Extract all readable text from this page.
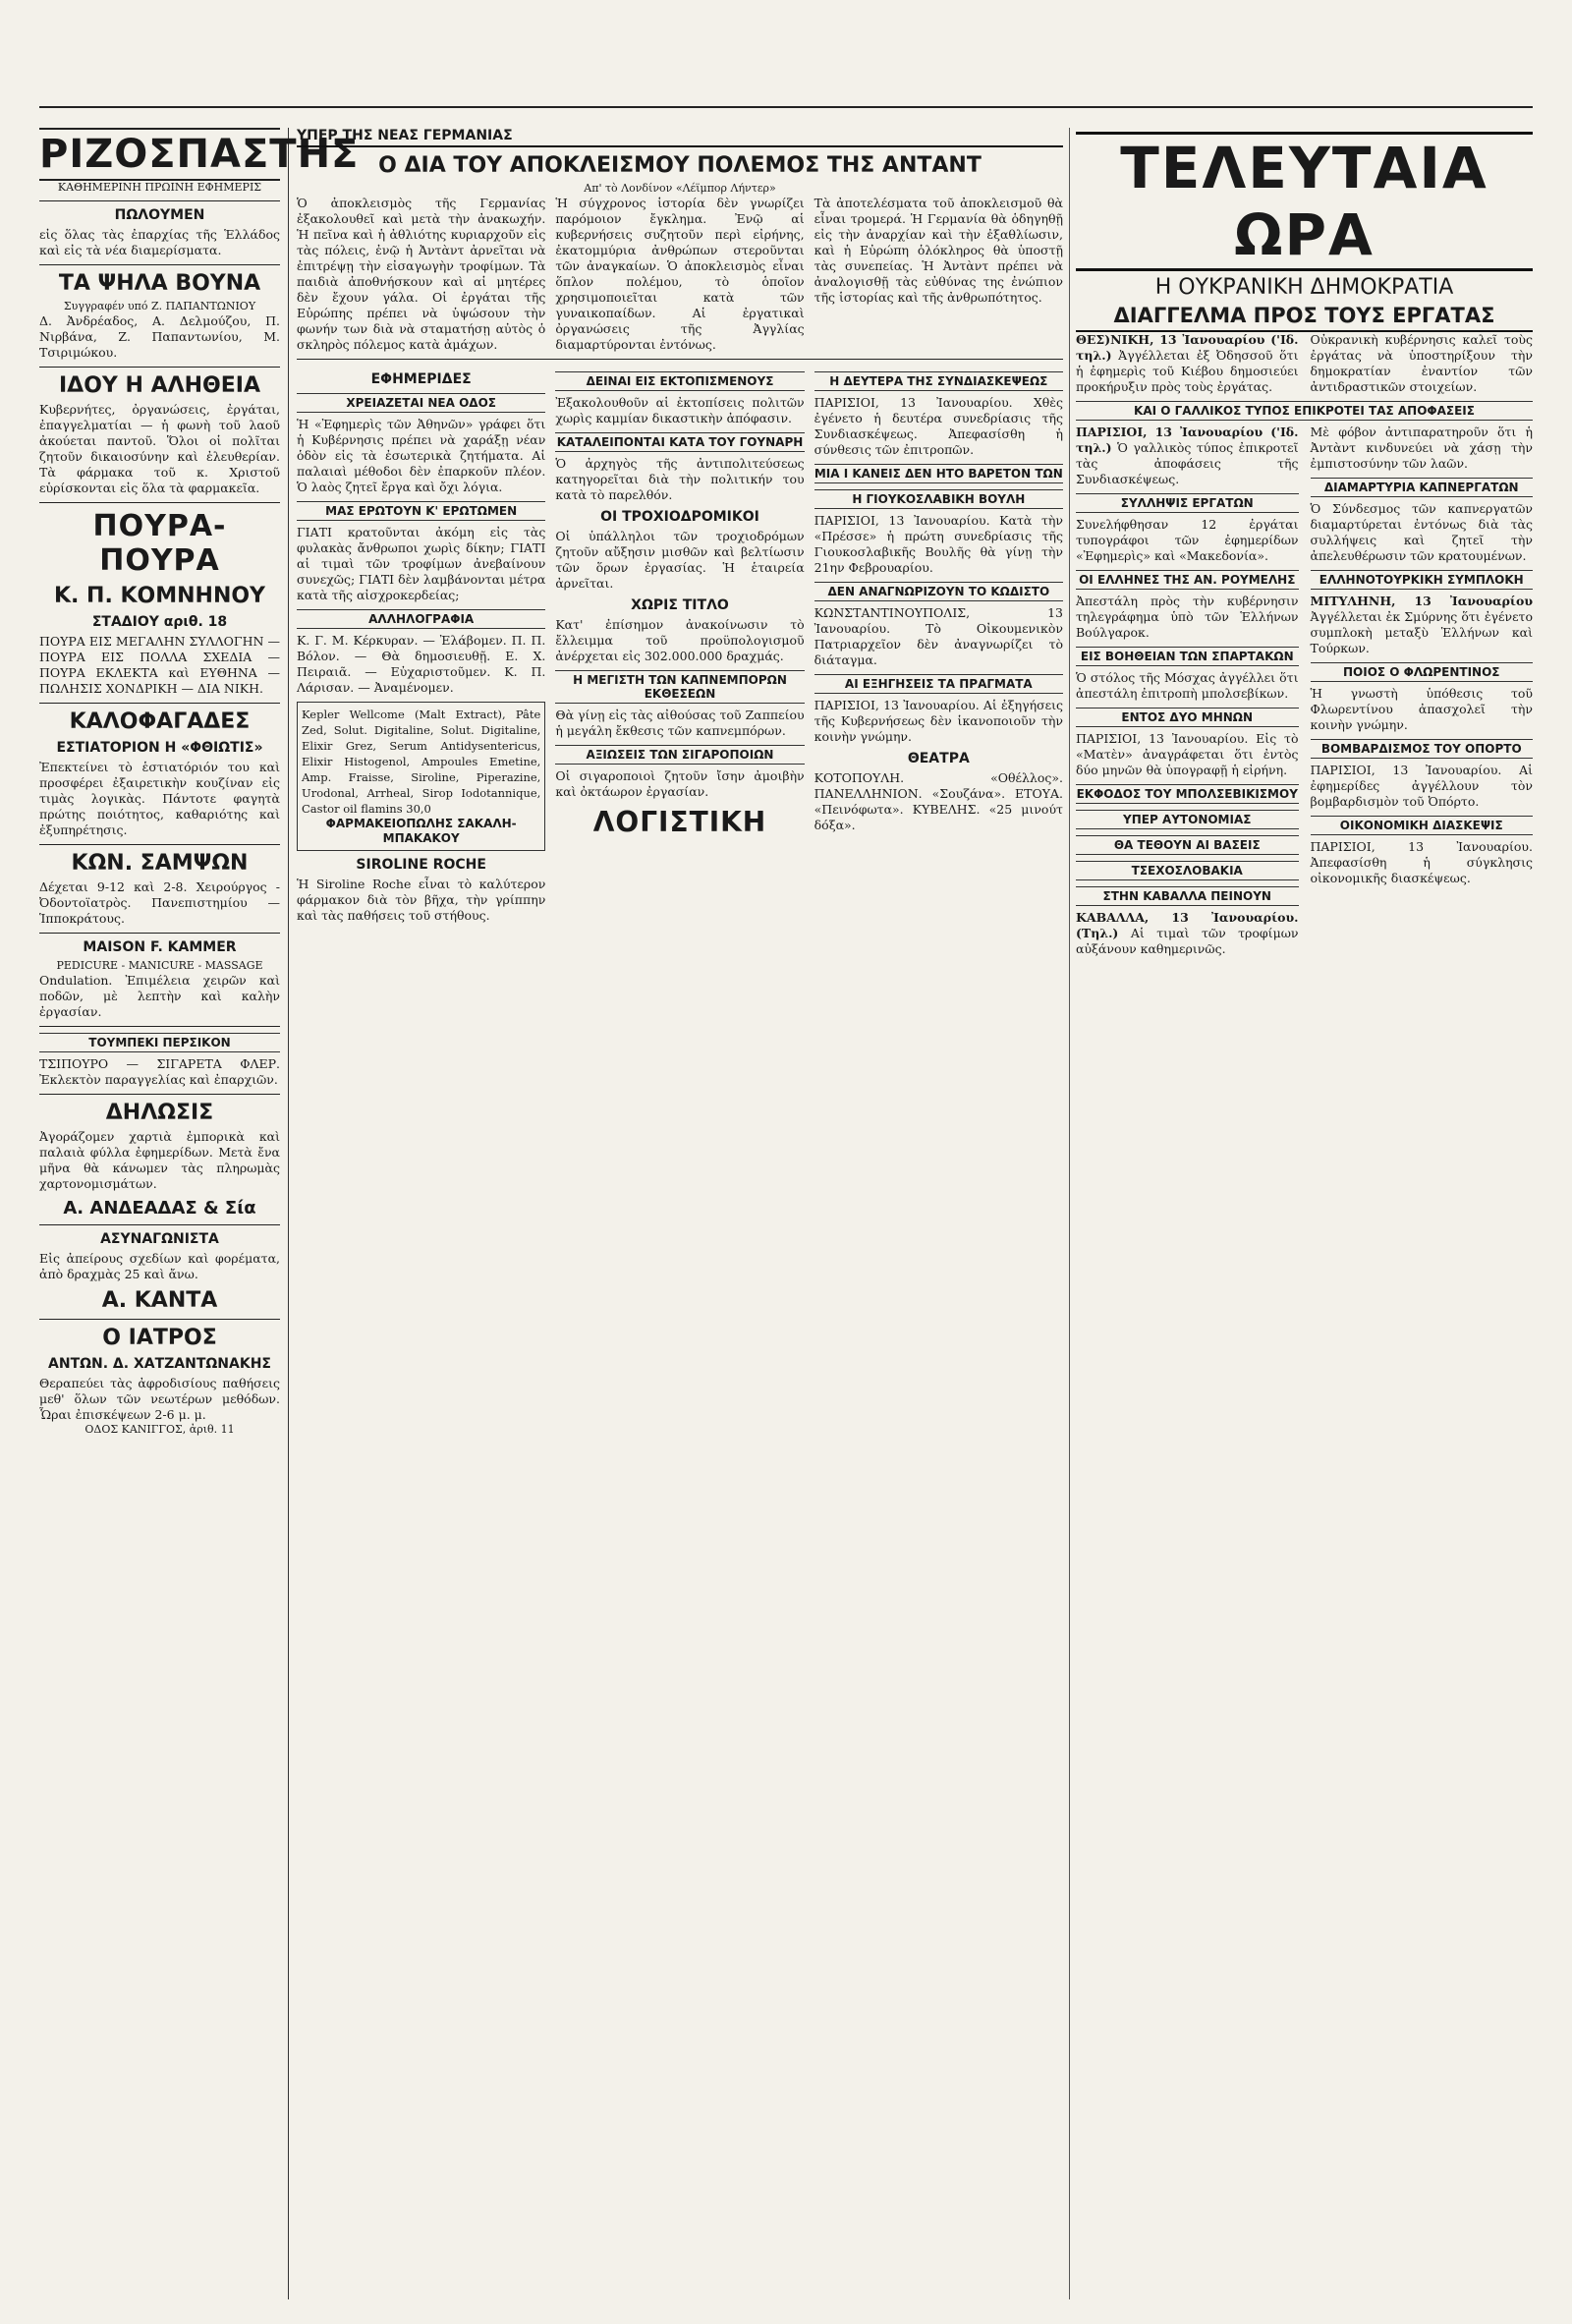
ΡΙΖΟΣΠΑΣΤΗΣ
ΚΑΘΗΜΕΡΙΝΗ ΠΡΩΙΝΗ ΕΦΗΜΕΡΙΣ
ΠΩΛΟΥΜΕΝ

εἰς ὅλας τὰς ἐπαρχίας τῆς Ἑλλάδος καὶ εἰς τὰ νέα διαμερίσματα.

ΤΑ ΨΗΛΑ ΒΟΥΝΑ
Συγγραφέν υπό Ζ. ΠΑΠΑΝΤΩΝΙΟΥ

Δ. Ἀνδρέαδος, Α. Δελμούζου, Π. Νιρβάνα, Ζ. Παπαντωνίου, Μ. Τσιριμώκου.

ΙΔΟΥ Η ΑΛΗΘΕΙΑ

Κυβερνήτες, ὀργανώσεις, ἐργάται, ἐπαγγελματίαι — ἡ φωνὴ τοῦ λαοῦ ἀκούεται παντοῦ. Ὅλοι οἱ πολῖται ζητοῦν δικαιοσύνην καὶ ἐλευθερίαν. Τὰ φάρμακα τοῦ κ. Χριστοῦ εὑρίσκονται εἰς ὅλα τὰ φαρμακεῖα.

ΠΟΥΡΑ-ΠΟΥΡΑ
Κ. Π. ΚΟΜΝΗΝΟΥ
ΣΤΑΔΙΟΥ αριθ. 18

ΠΟΥΡΑ ΕΙΣ ΜΕΓΑΛΗΝ ΣΥΛΛΟΓΗΝ — ΠΟΥΡΑ ΕΙΣ ΠΟΛΛΑ ΣΧΕΔΙΑ — ΠΟΥΡΑ ΕΚΛΕΚΤΑ καὶ ΕΥΘΗΝΑ — ΠΩΛΗΣΙΣ ΧΟΝΔΡΙΚΗ — ΔΙΑ ΝΙΚΗ.

ΚΑΛΟΦΑΓΑΔΕΣ
ΕΣΤΙΑΤΟΡΙΟΝ Η «ΦΘΙΩΤΙΣ»

Ἐπεκτείνει τὸ ἑστιατόριόν του καὶ προσφέρει ἐξαιρετικὴν κουζίναν εἰς τιμὰς λογικὰς. Πάντοτε φαγητὰ πρώτης ποιότητος, καθαριότης καὶ ἐξυπηρέτησις.

ΚΩΝ. ΣΑΜΨΩΝ

Δέχεται 9-12 καὶ 2-8. Χειρούργος - Ὀδοντοϊατρὸς. Πανεπιστημίου — Ἱπποκράτους.

MAISON F. KAMMER
PEDICURE - MANICURE - MASSAGE

Ondulation. Ἐπιμέλεια χειρῶν καὶ ποδῶν, μὲ λεπτὴν καὶ καλὴν ἐργασίαν.

ΤΟΥΜΠΕΚΙ ΠΕΡΣΙΚΟΝ

ΤΣΙΠΟΥΡΟ — ΣΙΓΑΡΕΤΑ ΦΛΕΡ. Ἐκλεκτὸν παραγγελίας καὶ ἐπαρχιῶν.

ΔΗΛΩΣΙΣ

Ἀγοράζομεν χαρτιὰ ἐμπορικὰ καὶ παλαιὰ φύλλα ἐφημερίδων. Μετὰ ἔνα μῆνα θὰ κάνωμεν τὰς πληρωμὰς χαρτονομισμάτων.

Α. ΑΝΔΕΑΔΑΣ & Σία
ΑΣΥΝΑΓΩΝΙΣΤΑ

Εἰς ἀπείρους σχεδίων καὶ φορέματα, ἀπὸ δραχμὰς 25 καὶ ἄνω.

Α. ΚΑΝΤΑ
Ο ΙΑΤΡΟΣ
ΑΝΤΩΝ. Δ. ΧΑΤΖΑΝΤΩΝΑΚΗΣ

Θεραπεύει τὰς ἀφροδισίους παθήσεις μεθ' ὅλων τῶν νεωτέρων μεθόδων. Ὧραι ἐπισκέψεων 2-6 μ. μ.

ΟΔΟΣ ΚΑΝΙΓΓΟΣ, ἀριθ. 11
ΥΠΕΡ ΤΗΣ ΝΕΑΣ ΓΕΡΜΑΝΙΑΣ
Ο ΔΙΑ ΤΟΥ ΑΠΟΚΛΕΙΣΜΟΥ ΠΟΛΕΜΟΣ ΤΗΣ ΑΝΤΑΝΤ
Απ' τὸ Λονδίνον «Λέϊμπορ Λήντερ»

Ὁ ἀποκλεισμὸς τῆς Γερμανίας ἐξακολουθεῖ καὶ μετὰ τὴν ἀνακωχήν. Ἡ πεῖνα καὶ ἡ ἀθλιότης κυριαρχοῦν εἰς τὰς πόλεις, ἐνῷ ἡ Ἀντὰντ ἀρνεῖται νὰ ἐπιτρέψῃ τὴν εἰσαγωγὴν τροφίμων. Τὰ παιδιὰ ἀποθνήσκουν καὶ αἱ μητέρες δὲν ἔχουν γάλα. Οἱ ἐργάται τῆς Εὐρώπης πρέπει νὰ ὑψώσουν τὴν φωνήν των διὰ νὰ σταματήσῃ αὐτὸς ὁ σκληρὸς πόλεμος κατὰ ἀμάχων.

Ἡ σύγχρονος ἱστορία δὲν γνωρίζει παρόμοιον ἔγκλημα. Ἐνῷ αἱ κυβερνήσεις συζητοῦν περὶ εἰρήνης, ἐκατομμύρια ἀνθρώπων στεροῦνται τῶν ἀναγκαίων. Ὁ ἀποκλεισμὸς εἶναι ὅπλον πολέμου, τὸ ὁποῖον χρησιμοποιεῖται κατὰ τῶν γυναικοπαίδων. Αἱ ἐργατικαὶ ὀργανώσεις τῆς Ἀγγλίας διαμαρτύρονται ἐντόνως.

Τὰ ἀποτελέσματα τοῦ ἀποκλεισμοῦ θὰ εἶναι τρομερά. Ἡ Γερμανία θὰ ὁδηγηθῇ εἰς τὴν ἀναρχίαν καὶ τὴν ἐξαθλίωσιν, καὶ ἡ Εὐρώπη ὁλόκληρος θὰ ὑποστῇ τὰς συνεπείας. Ἡ Ἀντὰντ πρέπει νὰ ἀναλογισθῇ τὰς εὐθύνας της ἐνώπιον τῆς ἱστορίας καὶ τῆς ἀνθρωπότητος.

ΕΦΗΜΕΡΙΔΕΣ
ΧΡΕΙΑΖΕΤΑΙ ΝΕΑ ΟΔΟΣ

Ἡ «Ἐφημερὶς τῶν Ἀθηνῶν» γράφει ὅτι ἡ Κυβέρνησις πρέπει νὰ χαράξῃ νέαν ὁδὸν εἰς τὰ ἐσωτερικὰ ζητήματα. Αἱ παλαιαὶ μέθοδοι δὲν ἐπαρκοῦν πλέον. Ὁ λαὸς ζητεῖ ἔργα καὶ ὄχι λόγια.

ΜΑΣ ΕΡΩΤΟΥΝ Κ' ΕΡΩΤΩΜΕΝ

ΓΙΑΤΙ κρατοῦνται ἀκόμη εἰς τὰς φυλακὰς ἄνθρωποι χωρὶς δίκην; ΓΙΑΤΙ αἱ τιμαὶ τῶν τροφίμων ἀνεβαίνουν συνεχῶς; ΓΙΑΤΙ δὲν λαμβάνονται μέτρα κατὰ τῆς αἰσχροκερδείας;

ΑΛΛΗΛΟΓΡΑΦΙΑ

Κ. Γ. Μ. Κέρκυραν. — Ἐλάβομεν. Π. Π. Βόλον. — Θὰ δημοσιευθῇ. Ε. Χ. Πειραιᾶ. — Εὐχαριστοῦμεν. Κ. Π. Λάρισαν. — Ἀναμένομεν.

Kepler Wellcome (Malt Extract), Pâte Zed, Solut. Digitaline, Solut. Digitaline, Elixir Grez, Serum Antidysentericus, Elixir Histogenol, Ampoules Emetine, Amp. Fraisse, Siroline, Piperazine, Urodonal, Arrheal, Sirop Iodotannique, Castor oil flamins 30,0

ΦΑΡΜΑΚΕΙΟΠΩΛΗΣ ΣΑΚΑΛΗ-ΜΠΑΚΑΚΟΥ
SIROLINE ROCHE

Ἡ Siroline Roche εἶναι τὸ καλύτερον φάρμακον διὰ τὸν βῆχα, τὴν γρίππην καὶ τὰς παθήσεις τοῦ στήθους.

ΔΕΙΝΑΙ ΕΙΣ ΕΚΤΟΠΙΣΜΕΝΟΥΣ

Ἐξακολουθοῦν αἱ ἐκτοπίσεις πολιτῶν χωρὶς καμμίαν δικαστικὴν ἀπόφασιν.

ΚΑΤΑΛΕΙΠΟΝΤΑΙ ΚΑΤΑ ΤΟΥ ΓΟΥΝΑΡΗ

Ὁ ἀρχηγὸς τῆς ἀντιπολιτεύσεως κατηγορεῖται διὰ τὴν πολιτικήν του κατὰ τὸ παρελθόν.

ΟΙ ΤΡΟΧΙΟΔΡΟΜΙΚΟΙ

Οἱ ὑπάλληλοι τῶν τροχιοδρόμων ζητοῦν αὔξησιν μισθῶν καὶ βελτίωσιν τῶν ὅρων ἐργασίας. Ἡ ἑταιρεία ἀρνεῖται.

ΧΩΡΙΣ ΤΙΤΛΟ

Κατ' ἐπίσημον ἀνακοίνωσιν τὸ ἔλλειμμα τοῦ προϋπολογισμοῦ ἀνέρχεται εἰς 302.000.000 δραχμάς.

Η ΜΕΓΙΣΤΗ ΤΩΝ ΚΑΠΝΕΜΠΟΡΩΝ ΕΚΘΕΣΕΩΝ

Θὰ γίνῃ εἰς τὰς αἰθούσας τοῦ Ζαππείου ἡ μεγάλη ἔκθεσις τῶν καπνεμπόρων.

ΑΞΙΩΣΕΙΣ ΤΩΝ ΣΙΓΑΡΟΠΟΙΩΝ

Οἱ σιγαροποιοὶ ζητοῦν ἴσην ἀμοιβὴν καὶ ὀκτάωρον ἐργασίαν.

ΛΟΓΙΣΤΙΚΗ
Η ΔΕΥΤΕΡΑ ΤΗΣ ΣΥΝΔΙΑΣΚΕΨΕΩΣ

ΠΑΡΙΣΙΟΙ, 13 Ἰανουαρίου. Χθὲς ἐγένετο ἡ δευτέρα συνεδρίασις τῆς Συνδιασκέψεως. Ἀπεφασίσθη ἡ σύνθεσις τῶν ἐπιτροπῶν.

ΜΙΑ Ι ΚΑΝΕΙΣ ΔΕΝ ΗΤΟ ΒΑΡΕΤΟΝ ΤΩΝ
Η ΓΙΟΥΚΟΣΛΑΒΙΚΗ ΒΟΥΛΗ

ΠΑΡΙΣΙΟΙ, 13 Ἰανουαρίου. Κατὰ τὴν «Πρέσσε» ἡ πρώτη συνεδρίασις τῆς Γιουκοσλαβικῆς Βουλῆς θὰ γίνῃ τὴν 21ην Φεβρουαρίου.

ΔΕΝ ΑΝΑΓΝΩΡΙΖΟΥΝ ΤΟ ΚΩΔΙΣΤΟ

ΚΩΝΣΤΑΝΤΙΝΟΥΠΟΛΙΣ, 13 Ἰανουαρίου. Τὸ Οἰκουμενικὸν Πατριαρχεῖον δὲν ἀναγνωρίζει τὸ διάταγμα.

ΑΙ ΕΞΗΓΗΣΕΙΣ ΤΑ ΠΡΑΓΜΑΤΑ

ΠΑΡΙΣΙΟΙ, 13 Ἰανουαρίου. Αἱ ἐξηγήσεις τῆς Κυβερνήσεως δὲν ἱκανοποιοῦν τὴν κοινὴν γνώμην.

ΘΕΑΤΡΑ

ΚΟΤΟΠΟΥΛΗ. «Οθέλλος». ΠΑΝΕΛΛΗΝΙΟΝ. «Σουζάνα». ΕΤΟΥΑ. «Πεινόφωτα». ΚΥΒΕΛΗΣ. «25 μινούτ δόξα».

ΤΕΛΕΥΤΑΙΑ ΩΡΑ
Η ΟΥΚΡΑΝΙΚΗ ΔΗΜΟΚΡΑΤΙΑ
ΔΙΑΓΓΕΛΜΑ ΠΡΟΣ ΤΟΥΣ ΕΡΓΑΤΑΣ

ΘΕΣ)ΝΙΚΗ, 13 Ἰανουαρίου ('Ιδ. τηλ.) Ἀγγέλλεται ἐξ Ὀδησσοῦ ὅτι ἡ ἐφημερὶς τοῦ Κιέβου δημοσιεύει προκήρυξιν πρὸς τοὺς ἐργάτας.

Οὐκρανικὴ κυβέρνησις καλεῖ τοὺς ἐργάτας νὰ ὑποστηρίξουν τὴν δημοκρατίαν ἐναντίον τῶν ἀντιδραστικῶν στοιχείων.

ΚΑΙ Ο ΓΑΛΛΙΚΟΣ ΤΥΠΟΣ ΕΠΙΚΡΟΤΕΙ ΤΑΣ ΑΠΟΦΑΣΕΙΣ

ΠΑΡΙΣΙΟΙ, 13 Ἰανουαρίου ('Ιδ. τηλ.) Ὁ γαλλικὸς τύπος ἐπικροτεῖ τὰς ἀποφάσεις τῆς Συνδιασκέψεως.

ΣΥΛΛΗΨΙΣ ΕΡΓΑΤΩΝ

Συνελήφθησαν 12 ἐργάται τυπογράφοι τῶν ἐφημερίδων «Ἐφημερὶς» καὶ «Μακεδονία».

ΟΙ ΕΛΛΗΝΕΣ ΤΗΣ ΑΝ. ΡΟΥΜΕΛΗΣ

Ἀπεστάλη πρὸς τὴν κυβέρνησιν τηλεγράφημα ὑπὸ τῶν Ἑλλήνων Βούλγαροκ.

ΕΙΣ ΒΟΗΘΕΙΑΝ ΤΩΝ ΣΠΑΡΤΑΚΩΝ

Ὁ στόλος τῆς Μόσχας ἀγγέλλει ὅτι ἀπεστάλη ἐπιτροπὴ μπολσεβίκων.

ΕΝΤΟΣ ΔΥΟ ΜΗΝΩΝ

ΠΑΡΙΣΙΟΙ, 13 Ἰανουαρίου. Εἰς τὸ «Ματὲν» ἀναγράφεται ὅτι ἐντὸς δύο μηνῶν θὰ ὑπογραφῇ ἡ εἰρήνη.

ΕΚΦΟΔΟΣ ΤΟΥ ΜΠΟΛΣΕΒΙΚΙΣΜΟΥ
ΥΠΕΡ ΑΥΤΟΝΟΜΙΑΣ
ΘΑ ΤΕΘΟΥΝ ΑΙ ΒΑΣΕΙΣ
ΤΣΕΧΟΣΛΟΒΑΚΙΑ
ΣΤΗΝ ΚΑΒΑΛΛΑ ΠΕΙΝΟΥΝ

ΚΑΒΑΛΛΑ, 13 Ἰανουαρίου. (Τηλ.) Αἱ τιμαὶ τῶν τροφίμων αὐξάνουν καθημερινῶς.

Μὲ φόβον ἀντιπαρατηροῦν ὅτι ἡ Ἀντὰντ κινδυνεύει νὰ χάσῃ τὴν ἐμπιστοσύνην τῶν λαῶν.

ΔΙΑΜΑΡΤΥΡΙΑ ΚΑΠΝΕΡΓΑΤΩΝ

Ὁ Σύνδεσμος τῶν καπνεργατῶν διαμαρτύρεται ἐντόνως διὰ τὰς συλλήψεις καὶ ζητεῖ τὴν ἀπελευθέρωσιν τῶν κρατουμένων.

ΕΛΛΗΝΟΤΟΥΡΚΙΚΗ ΣΥΜΠΛΟΚΗ

ΜΙΤΥΛΗΝΗ, 13 Ἰανουαρίου Ἀγγέλλεται ἐκ Σμύρνης ὅτι ἐγένετο συμπλοκὴ μεταξὺ Ἑλλήνων καὶ Τούρκων.

ΠΟΙΟΣ Ο ΦΛΩΡΕΝΤΙΝΟΣ

Ἡ γνωστὴ ὑπόθεσις τοῦ Φλωρεντίνου ἀπασχολεῖ τὴν κοινὴν γνώμην.

ΒΟΜΒΑΡΔΙΣΜΟΣ ΤΟΥ ΟΠΟΡΤΟ

ΠΑΡΙΣΙΟΙ, 13 Ἰανουαρίου. Αἱ ἐφημερίδες ἀγγέλλουν τὸν βομβαρδισμὸν τοῦ Ὀπόρτο.

ΟΙΚΟΝΟΜΙΚΗ ΔΙΑΣΚΕΨΙΣ

ΠΑΡΙΣΙΟΙ, 13 Ἰανουαρίου. Ἀπεφασίσθη ἡ σύγκλησις οἰκονομικῆς διασκέψεως.
